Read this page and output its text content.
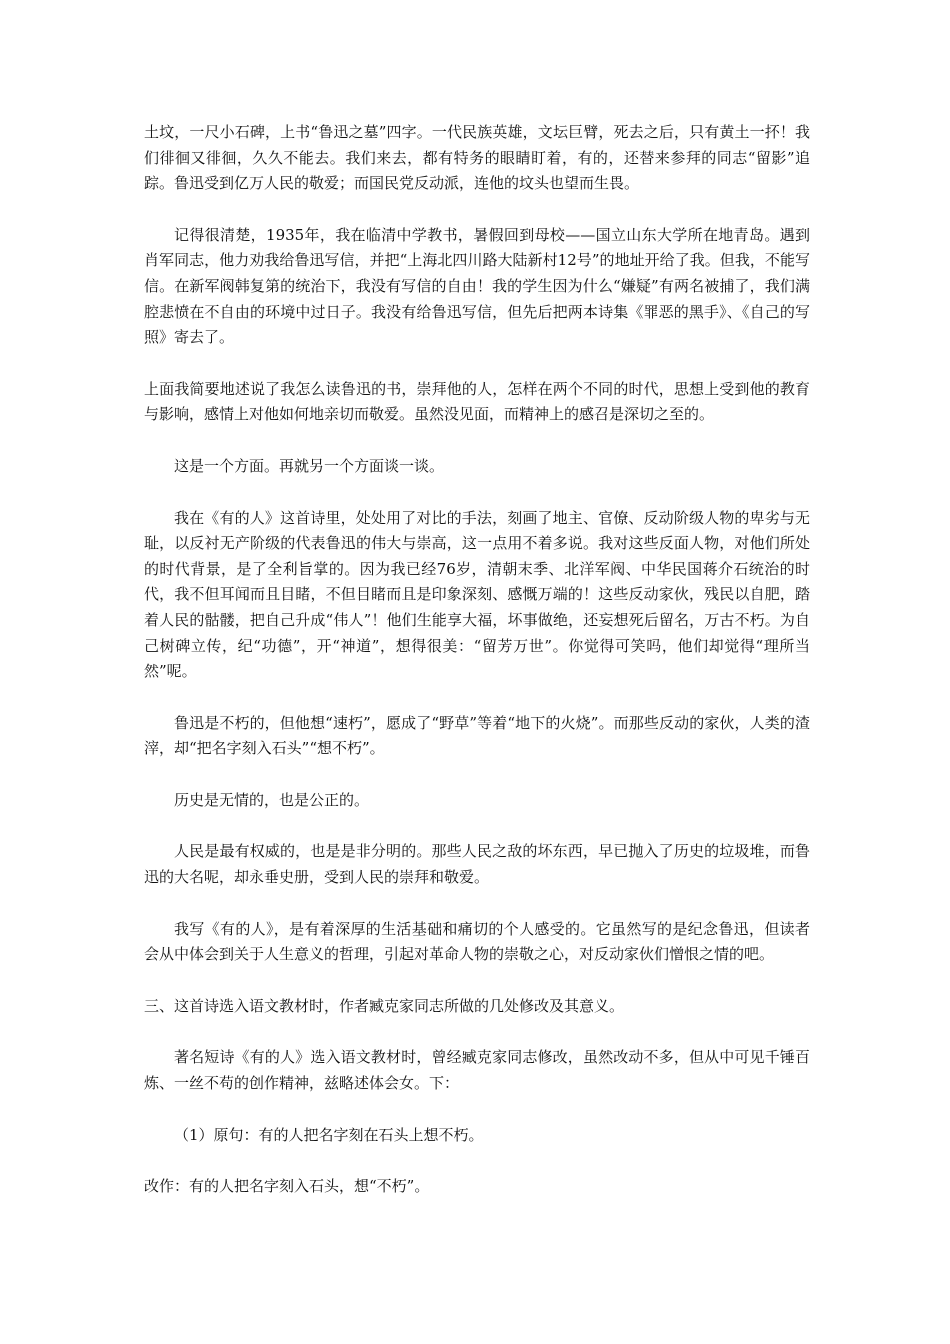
土坟，一尺小石碑，上书“鲁迅之墓”四字。一代民族英雄，文坛巨臂，死去之后，只有黄土一抔！我们徘徊又徘徊，久久不能去。我们来去，都有特务的眼睛盯着，有的，还替来参拜的同志“留影”追踪。鲁迅受到亿万人民的敬爱；而国民党反动派，连他的坟头也望而生畏。

记得很清楚，1935年，我在临清中学教书，暑假回到母校——国立山东大学所在地青岛。遇到肖军同志，他力劝我给鲁迅写信，并把“上海北四川路大陆新村12号”的地址开给了我。但我，不能写信。在新军阀韩复第的统治下，我没有写信的自由！我的学生因为什么“嫌疑”有两名被捕了，我们满腔悲愤在不自由的环境中过日子。我没有给鲁迅写信，但先后把两本诗集《罪恶的黑手》、《自己的写照》寄去了。

上面我简要地述说了我怎么读鲁迅的书，崇拜他的人，怎样在两个不同的时代，思想上受到他的教育与影响，感情上对他如何地亲切而敬爱。虽然没见面，而精神上的感召是深切之至的。

这是一个方面。再就另一个方面谈一谈。

我在《有的人》这首诗里，处处用了对比的手法，刻画了地主、官僚、反动阶级人物的卑劣与无耻，以反衬无产阶级的代表鲁迅的伟大与崇高，这一点用不着多说。我对这些反面人物，对他们所处的时代背景，是了全利旨掌的。因为我已经76岁，清朝末季、北洋军阀、中华民国蒋介石统治的时代，我不但耳闻而且目睹，不但目睹而且是印象深刻、感慨万端的！这些反动家伙，残民以自肥，踏着人民的骷髅，把自己升成“伟人”！他们生能享大福，坏事做绝，还妄想死后留名，万古不朽。为自己树碑立传，纪“功德”，开“神道”，想得很美：“留芳万世”。你觉得可笑吗，他们却觉得“理所当然”呢。

鲁迅是不朽的，但他想“速朽”，愿成了“野草”等着“地下的火烧”。而那些反动的家伙，人类的渣滓，却“把名字刻入石头”“想不朽”。

历史是无情的，也是公正的。

人民是最有权威的，也是是非分明的。那些人民之敌的坏东西，早已抛入了历史的垃圾堆，而鲁迅的大名呢，却永垂史册，受到人民的崇拜和敬爱。

我写《有的人》，是有着深厚的生活基础和痛切的个人感受的。它虽然写的是纪念鲁迅，但读者会从中体会到关于人生意义的哲理，引起对革命人物的崇敬之心，对反动家伙们憎恨之情的吧。

三、这首诗选入语文教材时，作者臧克家同志所做的几处修改及其意义。

著名短诗《有的人》选入语文教材时，曾经臧克家同志修改，虽然改动不多，但从中可见千锤百炼、一丝不苟的创作精神，兹略述体会女。下：

（1）原句：有的人把名字刻在石头上想不朽。

改作：有的人把名字刻入石头，想“不朽”。
